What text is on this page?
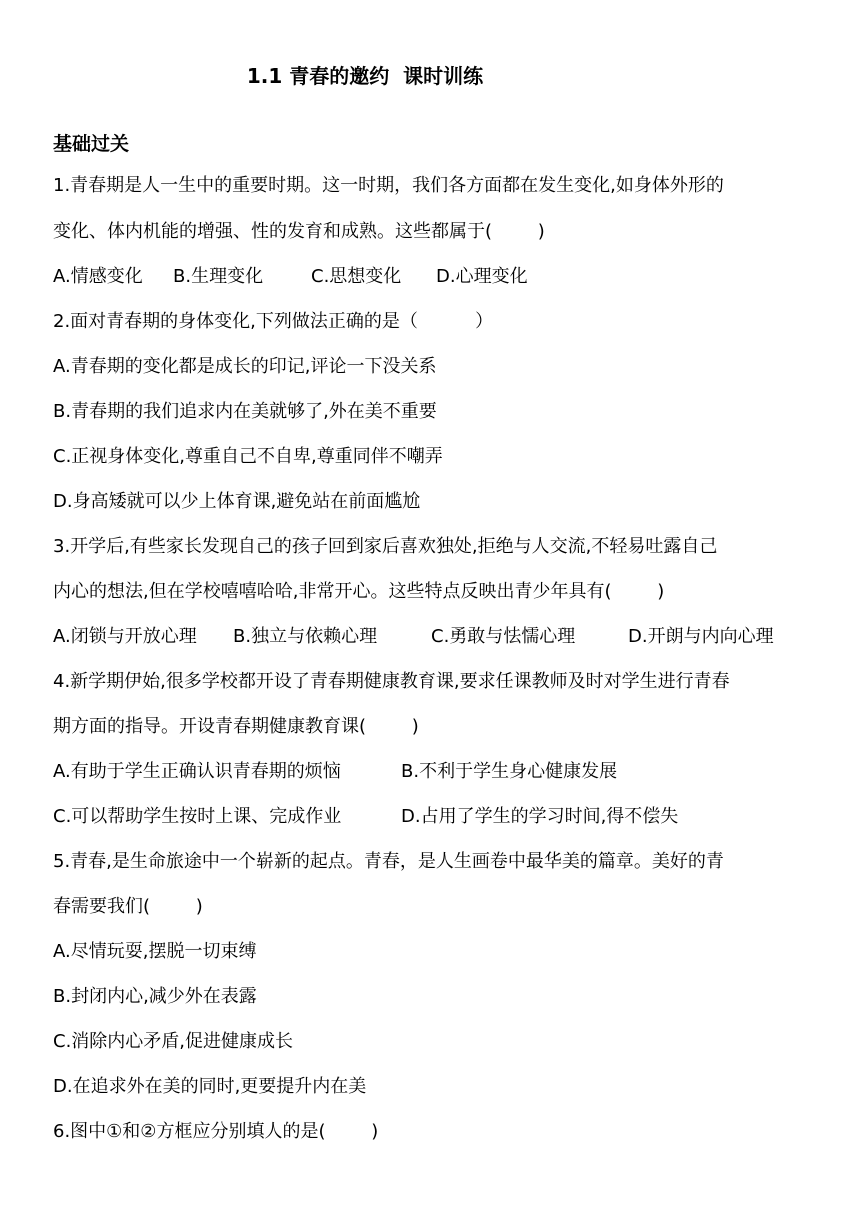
1.1 青春的邀约  课时训练
基础过关
1.青春期是人一生中的重要时期。这一时期，我们各方面都在发生变化,如身体外形的
变化、体内机能的增强、性的发育和成熟。这些都属于(        )
A.情感变化 B.生理变化	C.思想变化 D.心理变化
2.面对青春期的身体变化,下列做法正确的是（          ）
A.青春期的变化都是成长的印记,评论一下没关系
B.青春期的我们追求内在美就够了,外在美不重要
C.正视身体变化,尊重自己不自卑,尊重同伴不嘲弄
D.身高矮就可以少上体育课,避免站在前面尴尬
3.开学后,有些家长发现自己的孩子回到家后喜欢独处,拒绝与人交流,不轻易吐露自己
内心的想法,但在学校嘻嘻哈哈,非常开心。这些特点反映出青少年具有(        )
A.闭锁与开放心理 B.独立与依赖心理	C.勇敢与怯懦心理	D.开朗与内向心理
4.新学期伊始,很多学校都开设了青春期健康教育课,要求任课教师及时对学生进行青春
期方面的指导。开设青春期健康教育课(        )
A.有助于学生正确认识青春期的烦恼	B.不利于学生身心健康发展
C.可以帮助学生按时上课、完成作业	D.占用了学生的学习时间,得不偿失
5.青春,是生命旅途中一个崭新的起点。青春，是人生画卷中最华美的篇章。美好的青
春需要我们(        )
A.尽情玩耍,摆脱一切束缚
B.封闭内心,减少外在表露
C.消除内心矛盾,促进健康成长
D.在追求外在美的同时,更要提升内在美
6.图中①和②方框应分别填人的是(        )
